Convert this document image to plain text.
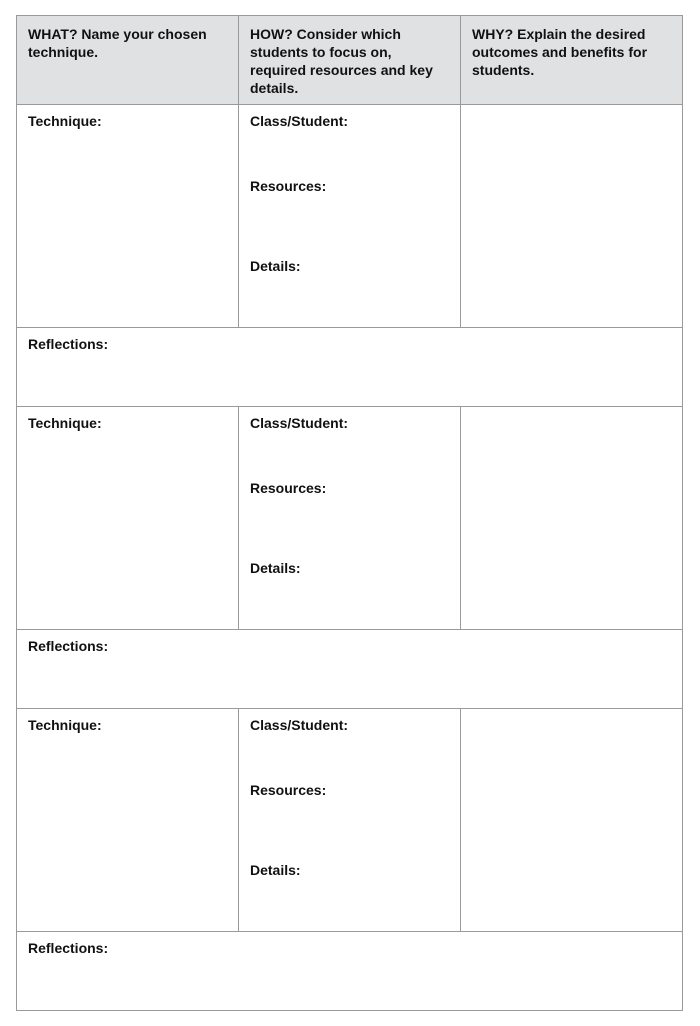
WHAT? Name your chosen technique.	HOW? Consider which students to focus on, required resources and key details.	WHY? Explain the desired outcomes and benefits for students.

Technique:	Class/Student:
Resources:
Details:	

Reflections:		

Technique:	Class/Student:
Resources:
Details:	

Reflections:		

Technique:	Class/Student:
Resources:
Details:	

Reflections:		
